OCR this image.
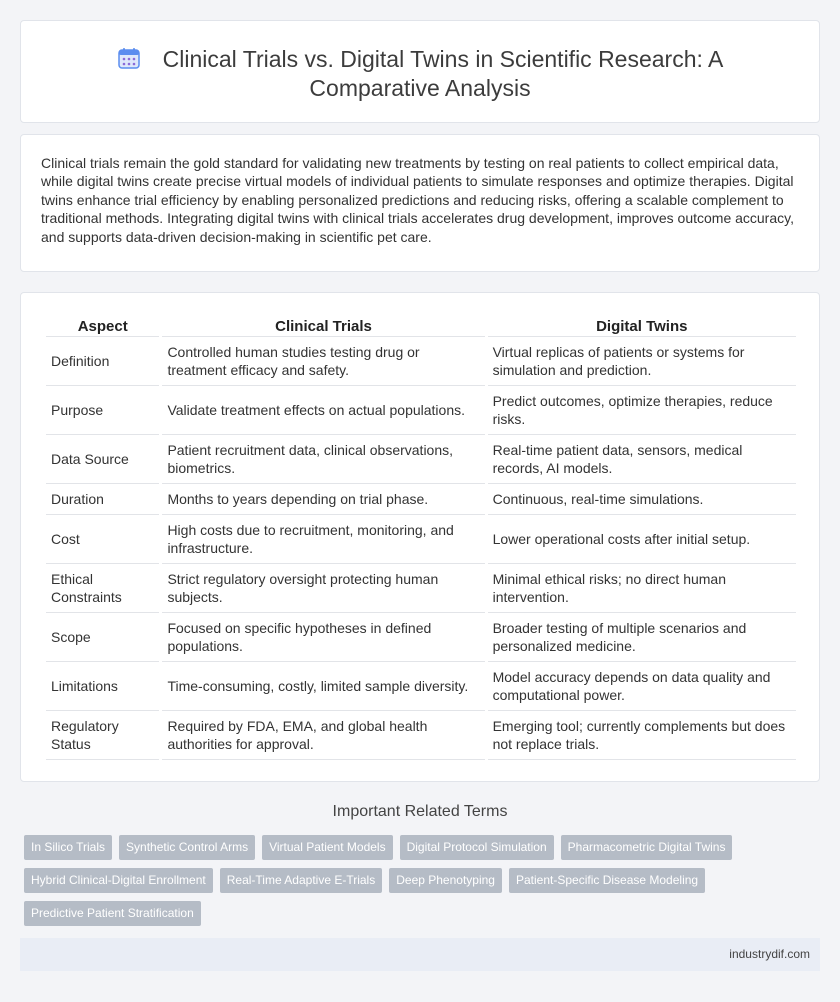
Clinical Trials vs. Digital Twins in Scientific Research: A Comparative Analysis

Clinical trials remain the gold standard for validating new treatments by testing on real patients to collect empirical data, while digital twins create precise virtual models of individual patients to simulate responses and optimize therapies. Digital twins enhance trial efficiency by enabling personalized predictions and reducing risks, offering a scalable complement to traditional methods. Integrating digital twins with clinical trials accelerates drug development, improves outcome accuracy, and supports data-driven decision-making in scientific pet care.

Aspect	Clinical Trials	Digital Twins
Definition	Controlled human studies testing drug or treatment efficacy and safety.	Virtual replicas of patients or systems for simulation and prediction.
Purpose	Validate treatment effects on actual populations.	Predict outcomes, optimize therapies, reduce risks.
Data Source	Patient recruitment data, clinical observations, biometrics.	Real-time patient data, sensors, medical records, AI models.
Duration	Months to years depending on trial phase.	Continuous, real-time simulations.
Cost	High costs due to recruitment, monitoring, and infrastructure.	Lower operational costs after initial setup.
Ethical Constraints	Strict regulatory oversight protecting human subjects.	Minimal ethical risks; no direct human intervention.
Scope	Focused on specific hypotheses in defined populations.	Broader testing of multiple scenarios and personalized medicine.
Limitations	Time-consuming, costly, limited sample diversity.	Model accuracy depends on data quality and computational power.
Regulatory Status	Required by FDA, EMA, and global health authorities for approval.	Emerging tool; currently complements but does not replace trials.
Important Related Terms
In Silico Trials	Synthetic Control Arms	Virtual Patient Models	Digital Protocol Simulation	Pharmacometric Digital Twins
Hybrid Clinical-Digital Enrollment	Real-Time Adaptive E-Trials	Deep Phenotyping	Patient-Specific Disease Modeling
Predictive Patient Stratification
industrydif.com
